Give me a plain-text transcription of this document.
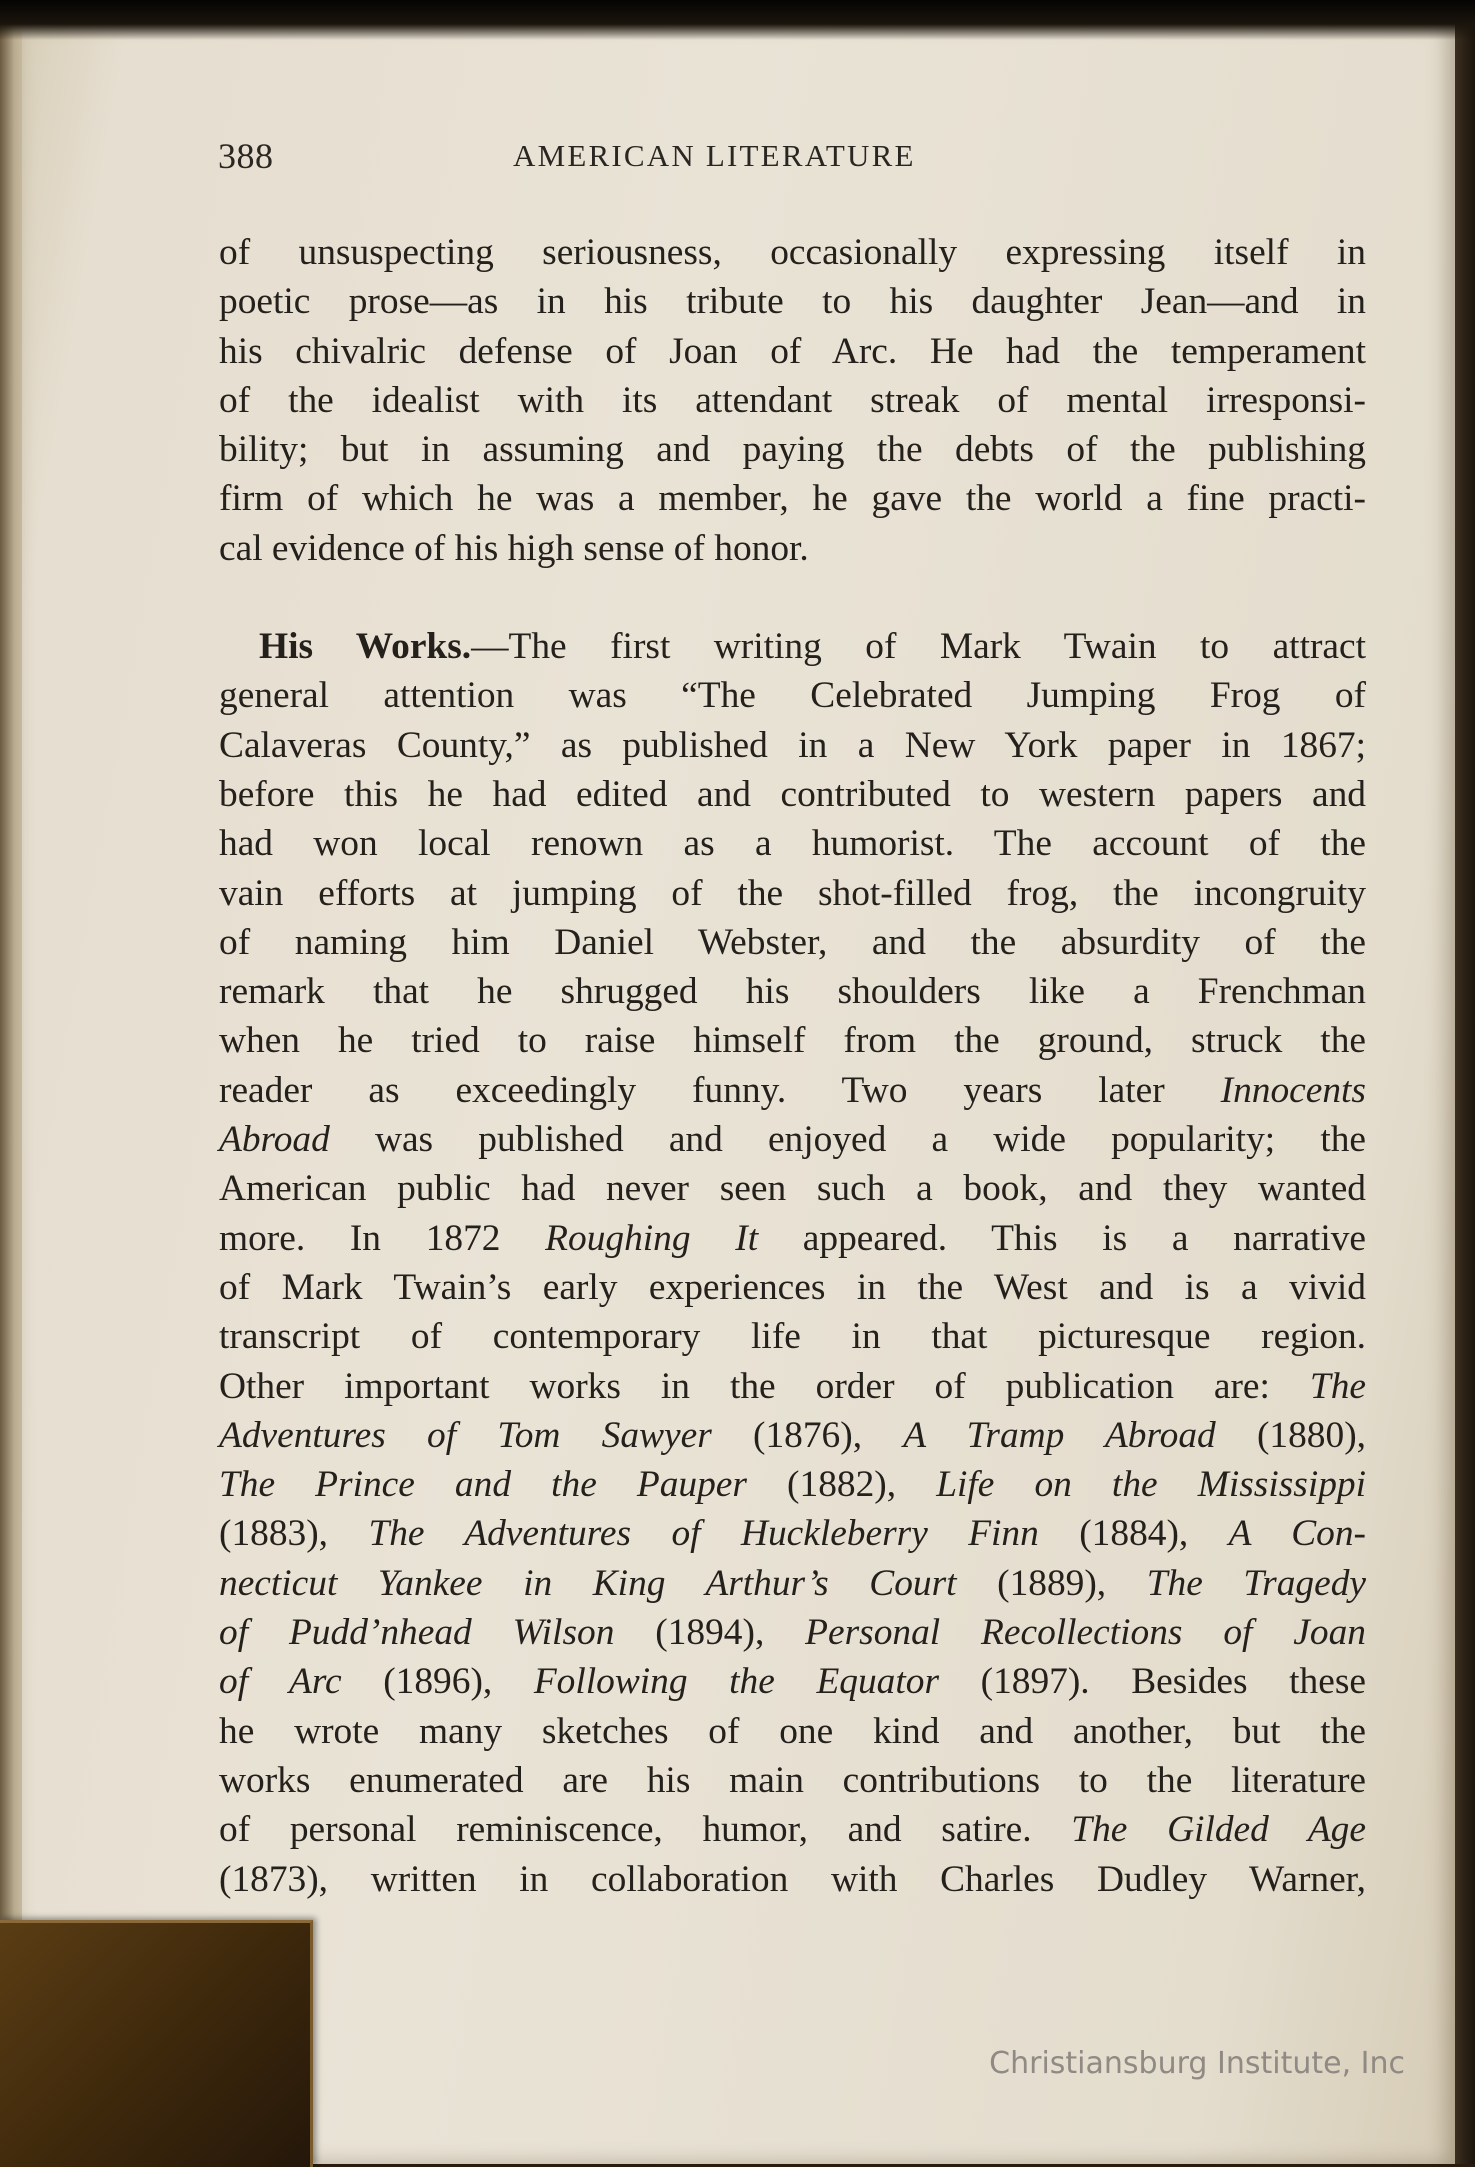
388	AMERICAN LITERATURE
of unsuspecting seriousness, occasionally expressing itself in
poetic prose—as in his tribute to his daughter Jean—and in
his chivalric defense of Joan of Arc. He had the temperament
of the idealist with its attendant streak of mental irresponsi-
bility; but in assuming and paying the debts of the publishing
firm of which he was a member, he gave the world a fine practi-
cal evidence of his high sense of honor.
His Works.—The first writing of Mark Twain to attract
general attention was “The Celebrated Jumping Frog of
Calaveras County,” as published in a New York paper in 1867;
before this he had edited and contributed to western papers and
had won local renown as a humorist. The account of the
vain efforts at jumping of the shot-filled frog, the incongruity
of naming him Daniel Webster, and the absurdity of the
remark that he shrugged his shoulders like a Frenchman
when he tried to raise himself from the ground, struck the
reader as exceedingly funny. Two years later Innocents
Abroad was published and enjoyed a wide popularity; the
American public had never seen such a book, and they wanted
more. In 1872 Roughing It appeared. This is a narrative
of Mark Twain’s early experiences in the West and is a vivid
transcript of contemporary life in that picturesque region.
Other important works in the order of publication are: The
Adventures of Tom Sawyer (1876), A Tramp Abroad (1880),
The Prince and the Pauper (1882), Life on the Mississippi
(1883), The Adventures of Huckleberry Finn (1884), A Con-
necticut Yankee in King Arthur’s Court (1889), The Tragedy
of Pudd’nhead Wilson (1894), Personal Recollections of Joan
of Arc (1896), Following the Equator (1897). Besides these
he wrote many sketches of one kind and another, but the
works enumerated are his main contributions to the literature
of personal reminiscence, humor, and satire. The Gilded Age
(1873), written in collaboration with Charles Dudley Warner,
Christiansburg Institute, Inc
